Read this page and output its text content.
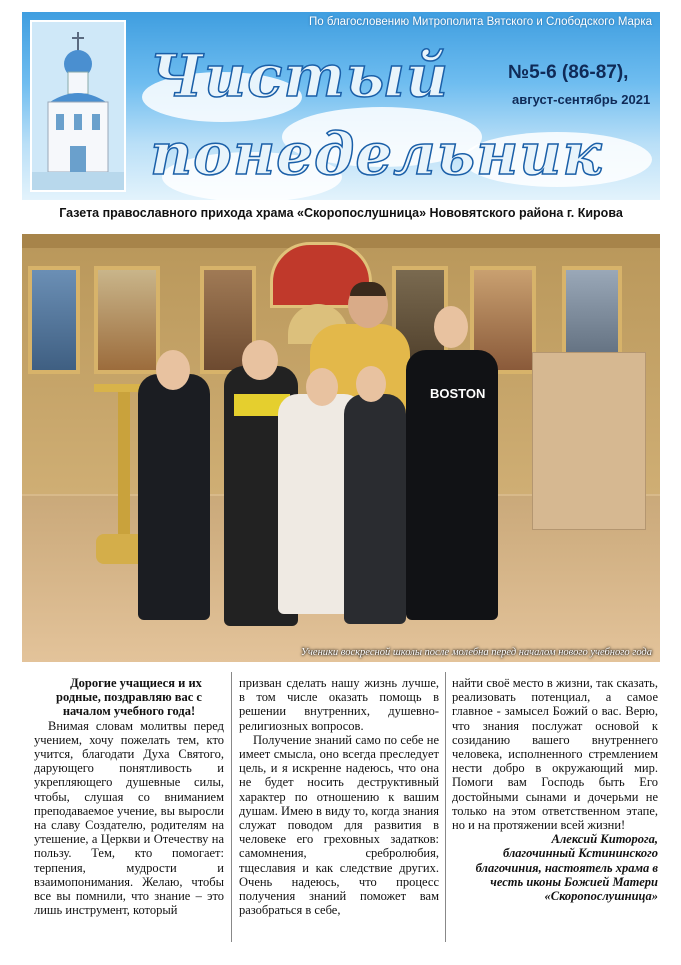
По благословению Митрополита Вятского и Слободского Марка
Чистый
понедельник
№5-6 (86-87),
август-сентябрь 2021
Газета православного прихода храма «Скоропослушница» Нововятского района г. Кирова
BOSTON
Ученики воскресной школы после молебна перед началом нового учебного года

Дорогие учащиеся и их родные, поздравляю вас с началом учебного года!

Внимая словам молитвы перед учением, хочу пожелать тем, кто учится, благодати Духа Святого, дарующего понятливость и укрепляющего душевные силы, чтобы, слушая со вниманием преподаваемое учение, вы выросли на славу Создателю, родителям на утешение, а Церкви и Отечеству на пользу. Тем, кто помогает: терпения, мудрости и взаимопонимания. Желаю, чтобы все вы помнили, что знание – это лишь инструмент, который

призван сделать нашу жизнь лучше, в том числе оказать помощь в решении внутренних, душевно-религиозных вопросов.

Получение знаний само по себе не имеет смысла, оно всегда преследует цель, и я искренне надеюсь, что она не будет носить деструктивный характер по отношению к вашим душам. Имею в виду то, когда знания служат поводом для развития в человеке его греховных задатков: самомнения, сребролюбия, тщеславия и как следствие других. Очень надеюсь, что процесс получения знаний поможет вам разобраться в себе,

найти своё место в жизни, так сказать, реализовать потенциал, а самое главное - замысел Божий о вас. Верю, что знания послужат основой к созиданию вашего внутреннего человека, исполненного стремлением нести добро в окружающий мир. Помоги вам Господь быть Его достойными сынами и дочерьми не только на этом ответственном этапе, но и на протяжении всей жизни!

Алексий Киторога,

благочинный Кстининского благочиния, настоятель храма в честь иконы Божией Матери «Скоропослушница»
